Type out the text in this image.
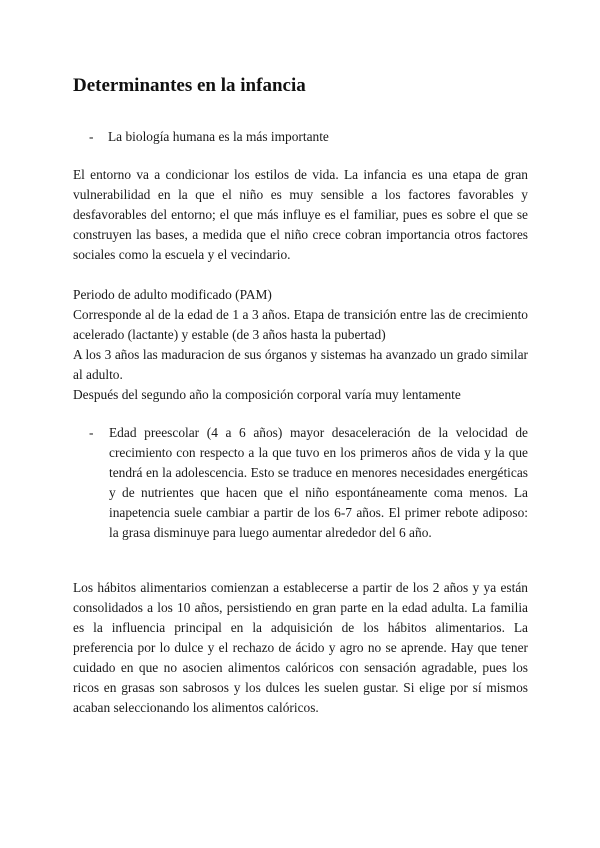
Determinantes en la infancia
- La biología humana es la más importante

El entorno va a condicionar los estilos de vida. La infancia es una etapa de gran vulnerabilidad en la que el niño es muy sensible a los factores favorables y desfavorables del entorno; el que más influye es el familiar, pues es sobre el que se construyen las bases, a medida que el niño crece cobran importancia otros factores sociales como la escuela y el vecindario.

Periodo de adulto modificado (PAM)
Corresponde al de la edad de 1 a 3 años. Etapa de transición entre las de crecimiento acelerado (lactante) y estable (de 3 años hasta la pubertad)
A los 3 años las maduracion de sus órganos y sistemas ha avanzado un grado similar al adulto.
Después del segundo año la composición corporal varía muy lentamente
- Edad preescolar (4 a 6 años) mayor desaceleración de la velocidad de crecimiento con respecto a la que tuvo en los primeros años de vida y la que tendrá en la adolescencia. Esto se traduce en menores necesidades energéticas y de nutrientes que hacen que el niño espontáneamente coma menos. La inapetencia suele cambiar a partir de los 6-7 años. El primer rebote adiposo: la grasa disminuye para luego aumentar alrededor del 6 año.

Los hábitos alimentarios comienzan a establecerse a partir de los 2 años y ya están consolidados a los 10 años, persistiendo en gran parte en la edad adulta. La familia es la influencia principal en la adquisición de los hábitos alimentarios. La preferencia por lo dulce y el rechazo de ácido y agro no se aprende. Hay que tener cuidado en que no asocien alimentos calóricos con sensación agradable, pues los ricos en grasas son sabrosos y los dulces les suelen gustar. Si elige por sí mismos acaban seleccionando los alimentos calóricos.
